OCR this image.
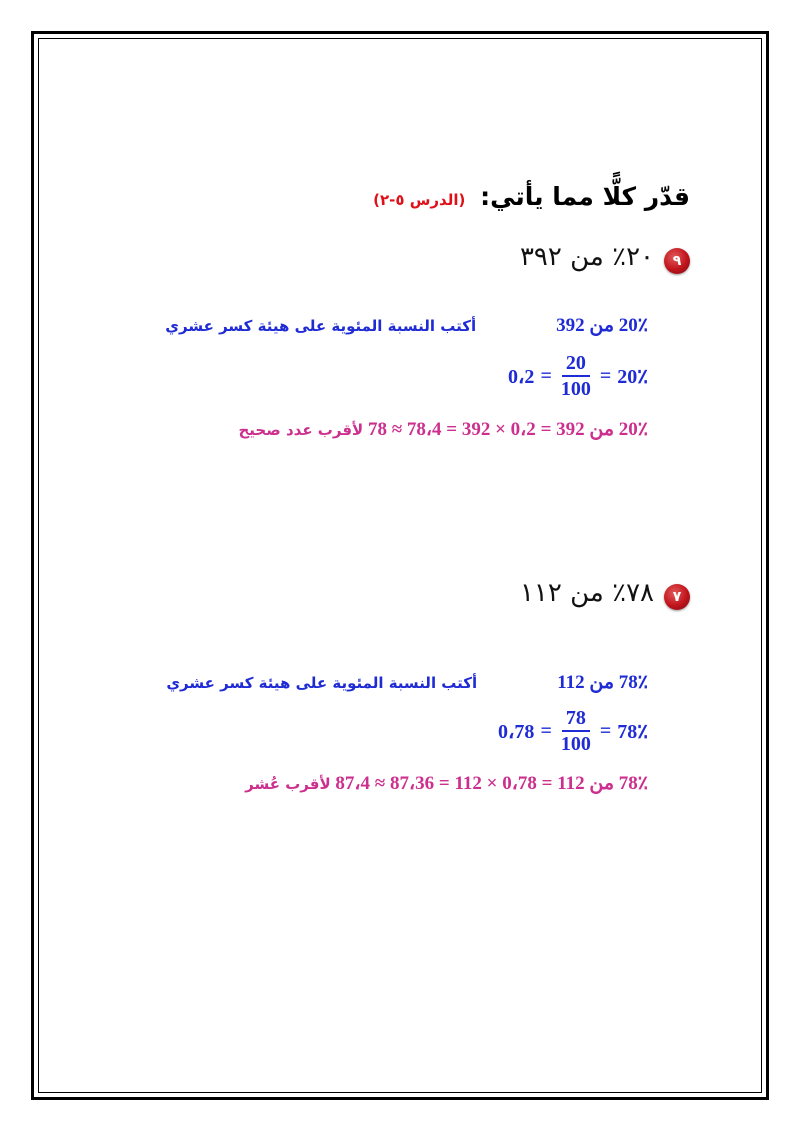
قدّر كلًّا مما يأتي: (الدرس ٥-٢)
٩
٢٠٪ من ٣٩٢
20٪ من 392أكتب النسبة المئوية على هيئة كسر عشري
20٪
=
$\frac{20}{100}$
=
0،2
20٪ من 392 = 0،2 × 392 = 78،4 ≈ 78 لأقرب عدد صحيح
٧
٧٨٪ من ١١٢
78٪ من 112أكتب النسبة المئوية على هيئة كسر عشري
78٪
=
$\frac{78}{100}$
=
0،78
78٪ من 112 = 0،78 × 112 = 87،36 ≈ 87،4 لأقرب عُشر
